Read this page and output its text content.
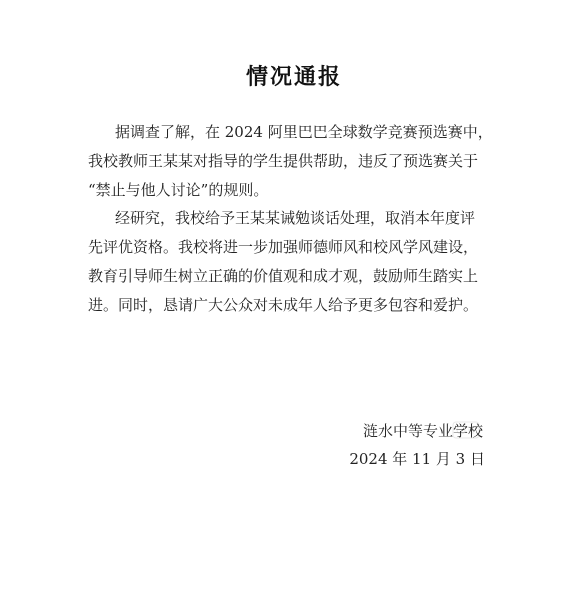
情况通报
据调查了解，在 2024 阿里巴巴全球数学竞赛预选赛中，
我校教师王某某对指导的学生提供帮助，违反了预选赛关于
“禁止与他人讨论”的规则。
经研究，我校给予王某某诫勉谈话处理，取消本年度评
先评优资格。我校将进一步加强师德师风和校风学风建设，
教育引导师生树立正确的价值观和成才观，鼓励师生踏实上
进。同时，恳请广大公众对未成年人给予更多包容和爱护。
涟水中等专业学校
2024 年 11 月 3 日
